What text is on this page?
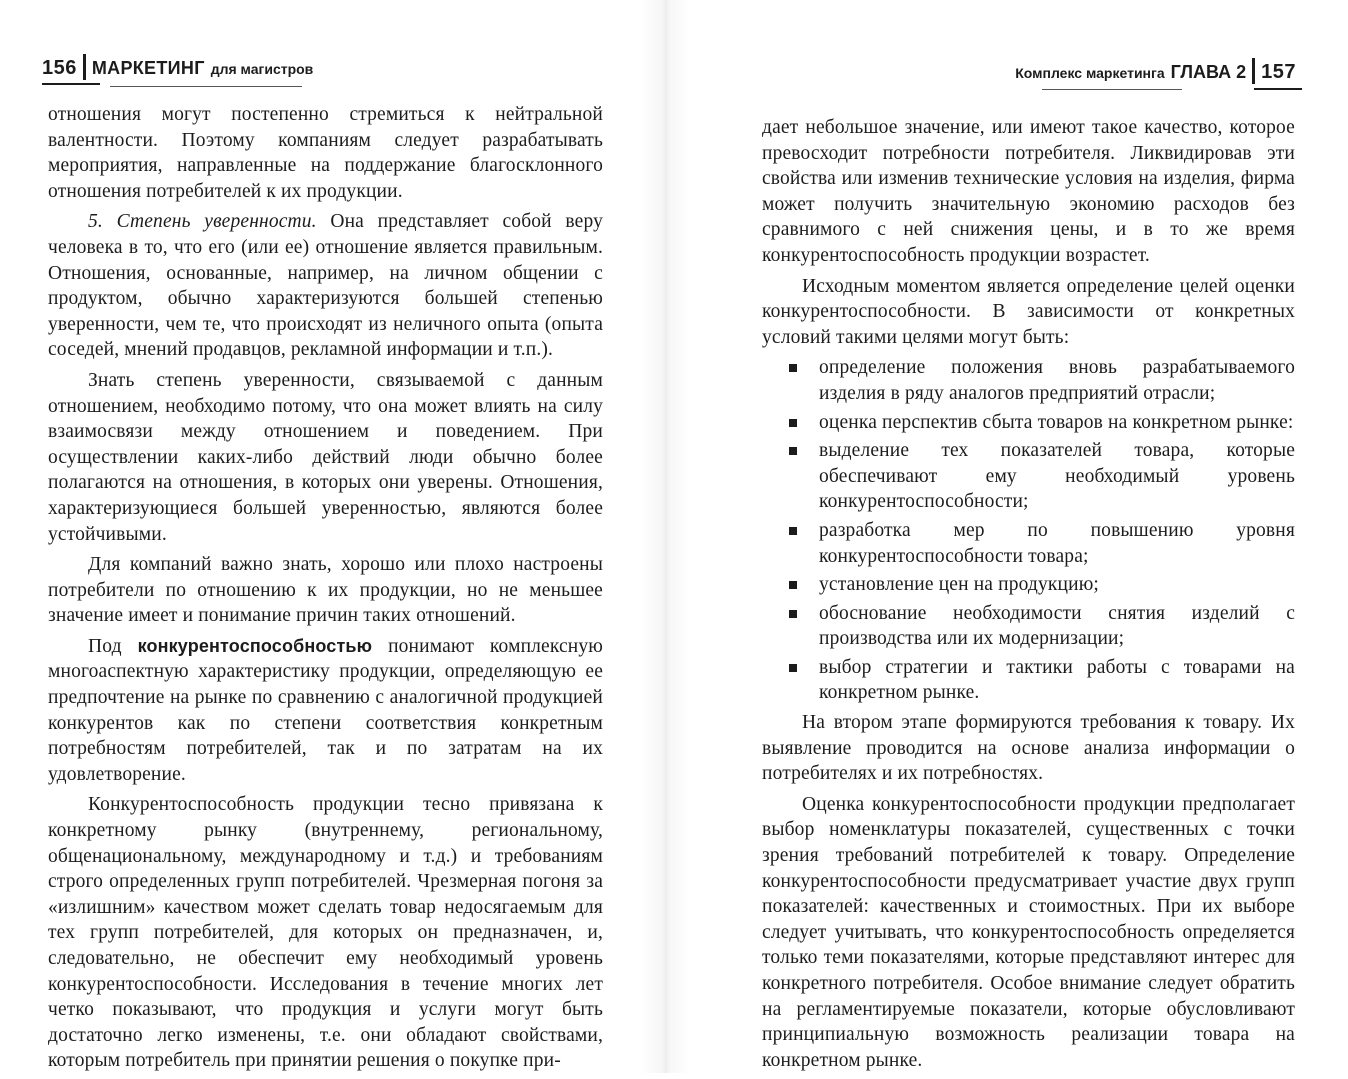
156 МАРКЕТИНГ для магистров

отношения могут постепенно стремиться к нейтральной валентности. Поэтому компаниям следует разрабатывать мероприятия, направленные на поддержание благосклонного отношения потребителей к их продукции.

5. Степень уверенности. Она представляет собой веру человека в то, что его (или ее) отношение является правильным. Отношения, основанные, например, на личном общении с продуктом, обычно характеризуются большей степенью уверенности, чем те, что происходят из неличного опыта (опыта соседей, мнений продавцов, рекламной информации и т.п.).

Знать степень уверенности, связываемой с данным отношением, необходимо потому, что она может влиять на силу взаимосвязи между отношением и поведением. При осуществлении каких-либо действий люди обычно более полагаются на отношения, в которых они уверены. Отношения, характеризующиеся большей уверенностью, являются более устойчивыми.

Для компаний важно знать, хорошо или плохо настроены потребители по отношению к их продукции, но не меньшее значение имеет и понимание причин таких отношений.

Под конкурентоспособностью понимают комплексную многоаспектную характеристику продукции, определяющую ее предпочтение на рынке по сравнению с аналогичной продукцией конкурентов как по степени соответствия конкретным потребностям потребителей, так и по затратам на их удовлетворение.

Конкурентоспособность продукции тесно привязана к конкретному рынку (внутреннему, региональному, общенациональному, международному и т.д.) и требованиям строго определенных групп потребителей. Чрезмерная погоня за «излишним» качеством может сделать товар недосягаемым для тех групп потребителей, для которых он предназначен, и, следовательно, не обеспечит ему необходимый уровень конкурентоспособности. Исследования в течение многих лет четко показывают, что продукция и услуги могут быть достаточно легко изменены, т.е. они обладают свойствами, которым потребитель при принятии решения о покупке при-

Комплекс маркетинга ГЛАВА 2 157

дает небольшое значение, или имеют такое качество, которое превосходит потребности потребителя. Ликвидировав эти свойства или изменив технические условия на изделия, фирма может получить значительную экономию расходов без сравнимого с ней снижения цены, и в то же время конкурентоспособность продукции возрастет.

Исходным моментом является определение целей оценки конкурентоспособности. В зависимости от конкретных условий такими целями могут быть:

определение положения вновь разрабатываемого изделия в ряду аналогов предприятий отрасли;
оценка перспектив сбыта товаров на конкретном рынке:
выделение тех показателей товара, которые обеспечивают ему необходимый уровень конкурентоспособности;
разработка мер по повышению уровня конкурентоспособности товара;
установление цен на продукцию;
обоснование необходимости снятия изделий с производства или их модернизации;
выбор стратегии и тактики работы с товарами на конкретном рынке.

На втором этапе формируются требования к товару. Их выявление проводится на основе анализа информации о потребителях и их потребностях.

Оценка конкурентоспособности продукции предполагает выбор номенклатуры показателей, существенных с точки зрения требований потребителей к товару. Определение конкурентоспособности предусматривает участие двух групп показателей: качественных и стоимостных. При их выборе следует учитывать, что конкурентоспособность определяется только теми показателями, которые представляют интерес для конкретного потребителя. Особое внимание следует обратить на регламентируемые показатели, которые обусловливают принципиальную возможность реализации товара на конкретном рынке.
